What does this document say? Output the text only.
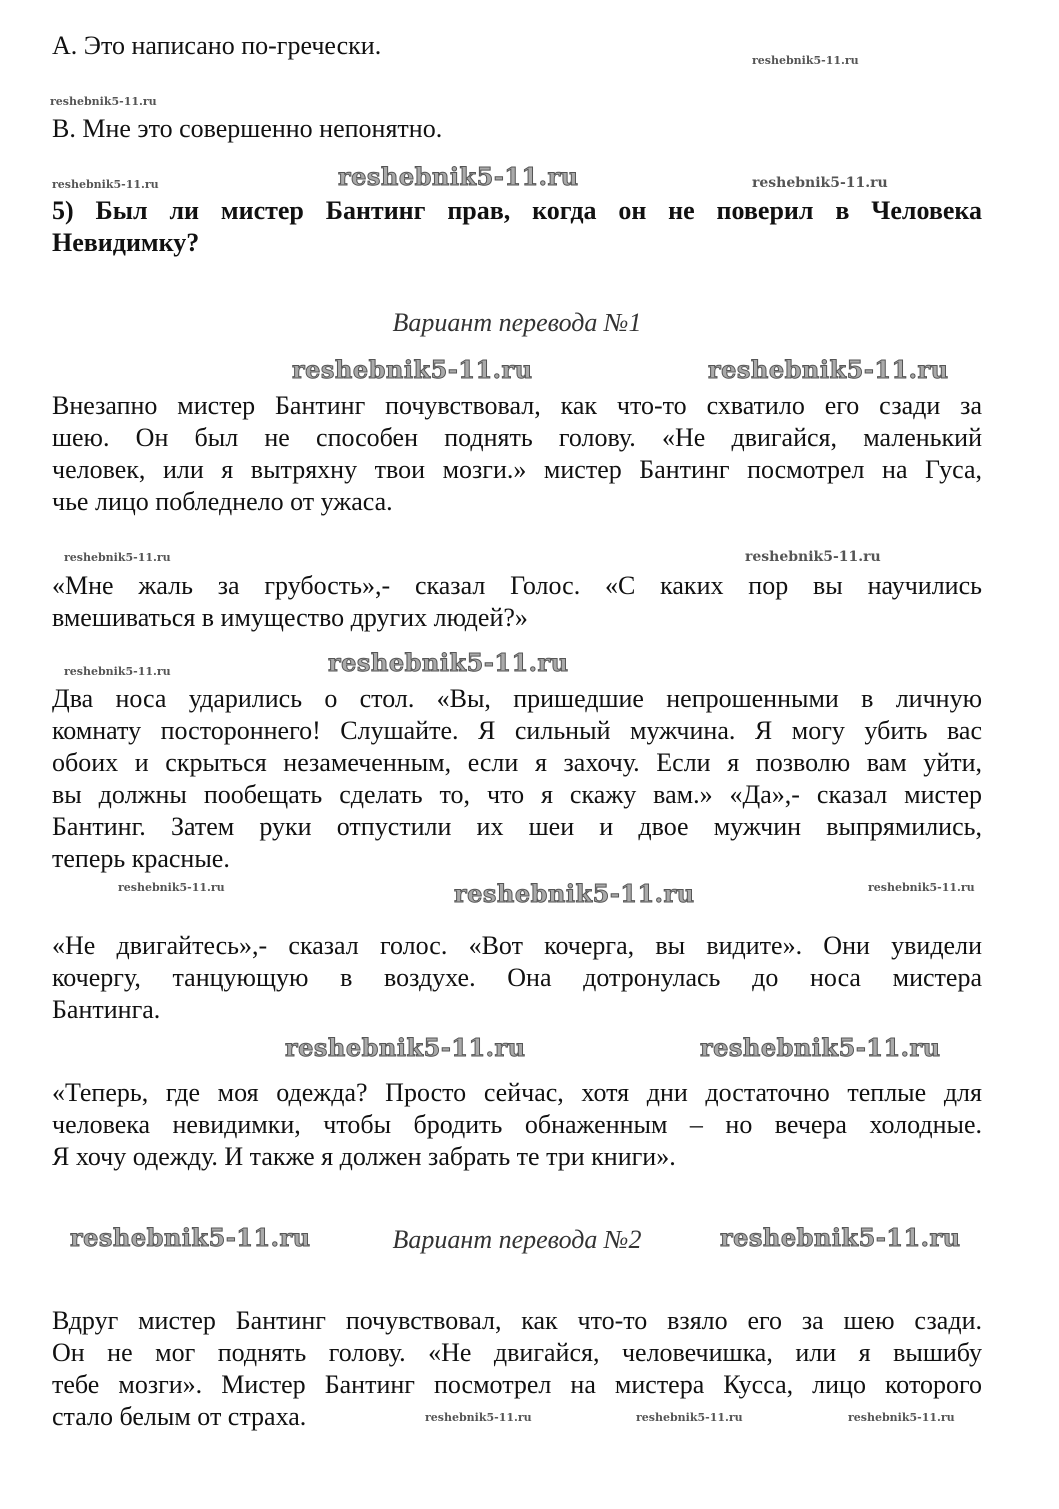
А. Это написано по-гречески.
В. Мне это совершенно непонятно.
5) Был ли мистер Бантинг прав, когда он не поверил в Человека
Невидимку?
Вариант перевода №1
Внезапно мистер Бантинг почувствовал, как что-то схватило его сзади за
шею. Он был не способен поднять голову. «Не двигайся, маленький
человек, или я вытряхну твои мозги.» мистер Бантинг посмотрел на Гуса,
чье лицо побледнело от ужаса.
«Мне жаль за грубость»,- сказал Голос. «С каких пор вы научились
вмешиваться в имущество других людей?»
Два носа ударились о стол. «Вы, пришедшие непрошенными в личную
комнату постороннего! Слушайте. Я сильный мужчина. Я могу убить вас
обоих и скрыться незамеченным, если я захочу. Если я позволю вам уйти,
вы должны пообещать сделать то, что я скажу вам.» «Да»,- сказал мистер
Бантинг. Затем руки отпустили их шеи и двое мужчин выпрямились,
теперь красные.
«Не двигайтесь»,- сказал голос. «Вот кочерга, вы видите». Они увидели
кочергу, танцующую в воздухе. Она дотронулась до носа мистера
Бантинга.
«Теперь, где моя одежда? Просто сейчас, хотя дни достаточно теплые для
человека невидимки, чтобы бродить обнаженным – но вечера холодные.
Я хочу одежду. И также я должен забрать те три книги».
Вариант перевода №2
Вдруг мистер Бантинг почувствовал, как что-то взяло его за шею сзади.
Он не мог поднять голову. «Не двигайся, человечишка, или я вышибу
тебе мозги». Мистер Бантинг посмотрел на мистера Кусса, лицо которого
стало белым от страха.
reshebnik5-11.ru
reshebnik5-11.ru
reshebnik5-11.ru	reshebnik5-11.ru	reshebnik5-11.ru
reshebnik5-11.ru	reshebnik5-11.ru
reshebnik5-11.ru	reshebnik5-11.ru
reshebnik5-11.ru	reshebnik5-11.ru
reshebnik5-11.ru	reshebnik5-11.ru	reshebnik5-11.ru
reshebnik5-11.ru	reshebnik5-11.ru
reshebnik5-11.ru	reshebnik5-11.ru
reshebnik5-11.ru	reshebnik5-11.ru	reshebnik5-11.ru
